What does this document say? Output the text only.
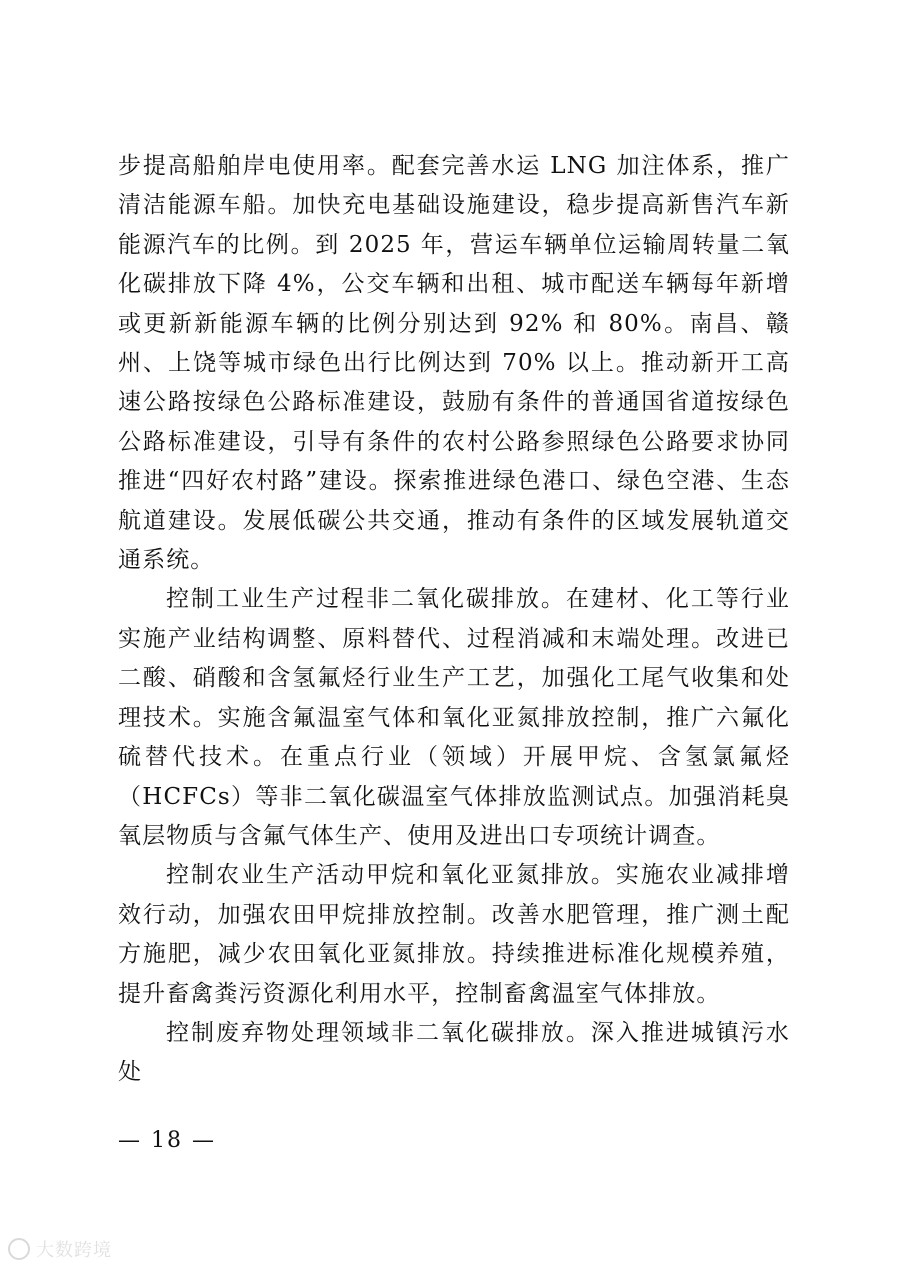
步提高船舶岸电使用率。配套完善水运 LNG 加注体系，推广清洁能源车船。加快充电基础设施建设，稳步提高新售汽车新能源汽车的比例。到 2025 年，营运车辆单位运输周转量二氧化碳排放下降 4%，公交车辆和出租、城市配送车辆每年新增或更新新能源车辆的比例分别达到 92% 和 80%。南昌、赣州、上饶等城市绿色出行比例达到 70% 以上。推动新开工高速公路按绿色公路标准建设，鼓励有条件的普通国省道按绿色公路标准建设，引导有条件的农村公路参照绿色公路要求协同推进“四好农村路”建设。探索推进绿色港口、绿色空港、生态航道建设。发展低碳公共交通，推动有条件的区域发展轨道交通系统。

控制工业生产过程非二氧化碳排放。在建材、化工等行业实施产业结构调整、原料替代、过程消减和末端处理。改进已二酸、硝酸和含氢氟烃行业生产工艺，加强化工尾气收集和处理技术。实施含氟温室气体和氧化亚氮排放控制，推广六氟化硫替代技术。在重点行业（领域）开展甲烷、含氢氯氟烃（HCFCs）等非二氧化碳温室气体排放监测试点。加强消耗臭氧层物质与含氟气体生产、使用及进出口专项统计调查。

控制农业生产活动甲烷和氧化亚氮排放。实施农业减排增效行动，加强农田甲烷排放控制。改善水肥管理，推广测土配方施肥，减少农田氧化亚氮排放。持续推进标准化规模养殖，提升畜禽粪污资源化利用水平，控制畜禽温室气体排放。

控制废弃物处理领域非二氧化碳排放。深入推进城镇污水处

— 18 —
大数跨境
